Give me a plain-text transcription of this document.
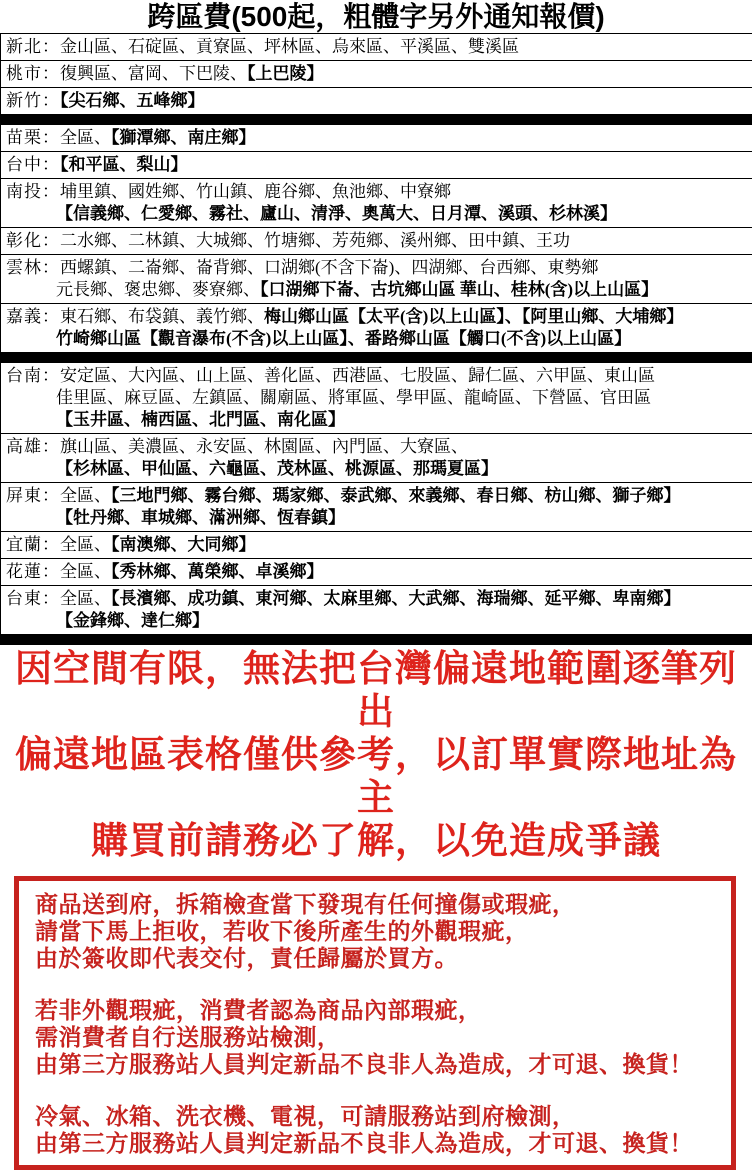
跨區費(500起，粗體字另外通知報價)
新北：金山區、石碇區、貢寮區、坪林區、烏來區、平溪區、雙溪區
桃市：復興區、富岡、下巴陵、【上巴陵】
新竹：【尖石鄉、五峰鄉】
苗栗：全區、【獅潭鄉、南庄鄉】
台中：【和平區、梨山】
南投：埔里鎮、國姓鄉、竹山鎮、鹿谷鄉、魚池鄉、中寮鄉
【信義鄉、仁愛鄉、霧社、廬山、清淨、奧萬大、日月潭、溪頭、杉林溪】
彰化：二水鄉、二林鎮、大城鄉、竹塘鄉、芳苑鄉、溪州鄉、田中鎮、王功
雲林：西螺鎮、二崙鄉、崙背鄉、口湖鄉(不含下崙)、四湖鄉、台西鄉、東勢鄉
元長鄉、褒忠鄉、麥寮鄉、【口湖鄉下崙、古坑鄉山區 華山、桂林(含)以上山區】
嘉義：東石鄉、布袋鎮、義竹鄉、梅山鄉山區【太平(含)以上山區】、【阿里山鄉、大埔鄉】
竹崎鄉山區【觀音瀑布(不含)以上山區】、番路鄉山區【觸口(不含)以上山區】
台南：安定區、大內區、山上區、善化區、西港區、七股區、歸仁區、六甲區、東山區
佳里區、麻豆區、左鎮區、關廟區、將軍區、學甲區、龍崎區、下營區、官田區
【玉井區、楠西區、北門區、南化區】
高雄：旗山區、美濃區、永安區、林園區、內門區、大寮區、
【杉林區、甲仙區、六龜區、茂林區、桃源區、那瑪夏區】
屏東：全區、【三地門鄉、霧台鄉、瑪家鄉、泰武鄉、來義鄉、春日鄉、枋山鄉、獅子鄉】
【牡丹鄉、車城鄉、滿洲鄉、恆春鎮】
宜蘭：全區、【南澳鄉、大同鄉】
花蓮：全區、【秀林鄉、萬榮鄉、卓溪鄉】
台東：全區、【長濱鄉、成功鎮、東河鄉、太麻里鄉、大武鄉、海瑞鄉、延平鄉、卑南鄉】
【金鋒鄉、達仁鄉】
因空間有限，無法把台灣偏遠地範圍逐筆列出
偏遠地區表格僅供參考，以訂單實際地址為主
購買前請務必了解，以免造成爭議

商品送到府，拆箱檢查當下發現有任何撞傷或瑕疵，
請當下馬上拒收，若收下後所產生的外觀瑕疵，
由於簽收即代表交付，責任歸屬於買方。

若非外觀瑕疵，消費者認為商品內部瑕疵，
需消費者自行送服務站檢測，
由第三方服務站人員判定新品不良非人為造成，才可退、換貨！

冷氣、冰箱、洗衣機、電視，可請服務站到府檢測，
由第三方服務站人員判定新品不良非人為造成，才可退、換貨！
